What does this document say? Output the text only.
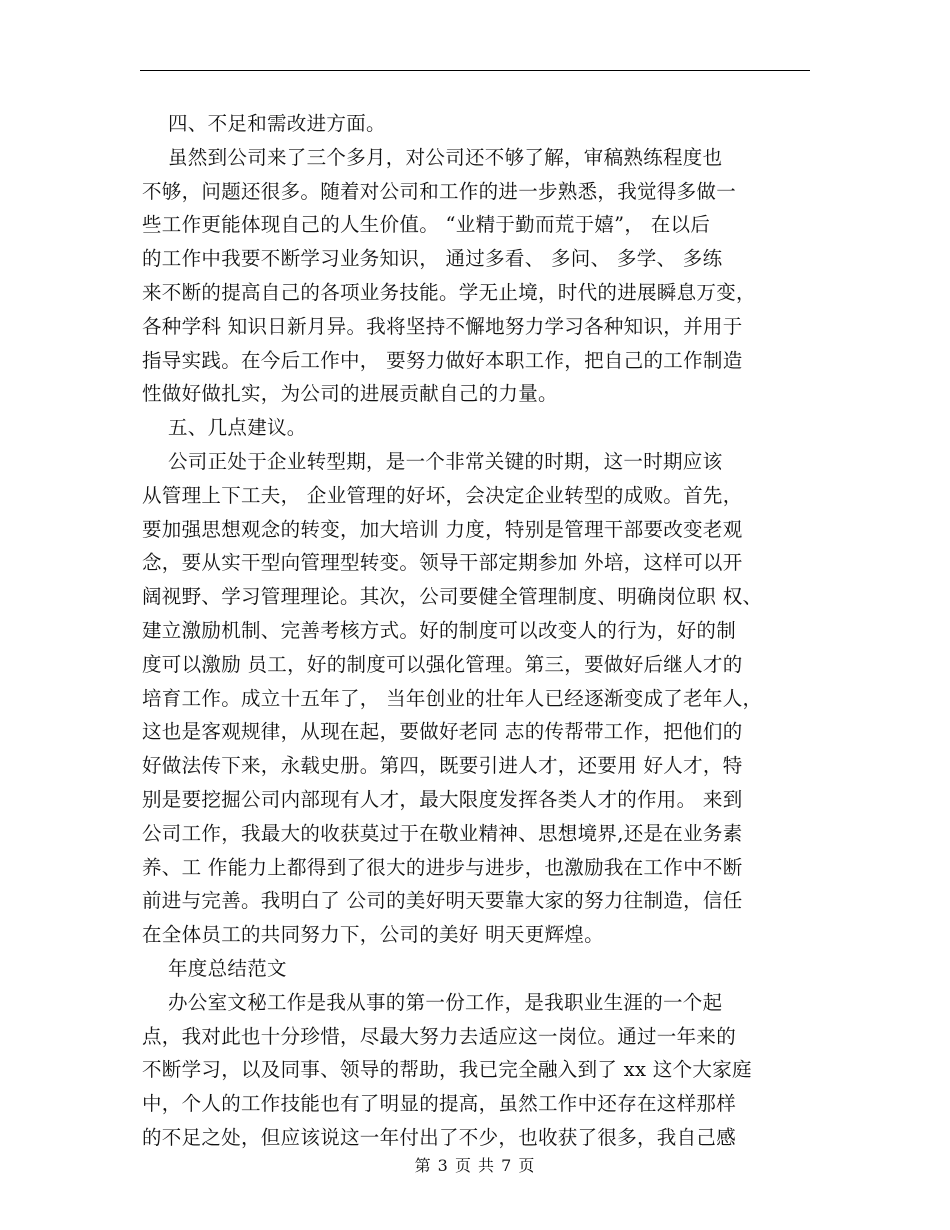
四、不足和需改进方面。
虽然到公司来了三个多月，对公司还不够了解，审稿熟练程度也
不够，问题还很多。随着对公司和工作的进一步熟悉，我觉得多做一
些工作更能体现自己的人生价值。 “业精于勤而荒于嬉”， 在以后
的工作中我要不断学习业务知识， 通过多看、 多问、 多学、 多练
来不断的提高自己的各项业务技能。学无止境，时代的进展瞬息万变，
各种学科 知识日新月异。我将坚持不懈地努力学习各种知识，并用于
指导实践。在今后工作中， 要努力做好本职工作，把自己的工作制造
性做好做扎实，为公司的进展贡献自己的力量。
五、几点建议。
公司正处于企业转型期，是一个非常关键的时期，这一时期应该
从管理上下工夫， 企业管理的好坏，会决定企业转型的成败。首先，
要加强思想观念的转变，加大培训 力度，特别是管理干部要改变老观
念，要从实干型向管理型转变。领导干部定期参加 外培，这样可以开
阔视野、学习管理理论。其次，公司要健全管理制度、明确岗位职 权、
建立激励机制、完善考核方式。好的制度可以改变人的行为，好的制
度可以激励 员工，好的制度可以强化管理。第三，要做好后继人才的
培育工作。成立十五年了， 当年创业的壮年人已经逐渐变成了老年人，
这也是客观规律，从现在起，要做好老同 志的传帮带工作，把他们的
好做法传下来，永载史册。第四，既要引进人才，还要用 好人才，特
别是要挖掘公司内部现有人才，最大限度发挥各类人才的作用。 来到
公司工作，我最大的收获莫过于在敬业精神、思想境界,还是在业务素
养、工 作能力上都得到了很大的进步与进步，也激励我在工作中不断
前进与完善。我明白了 公司的美好明天要靠大家的努力往制造，信任
在全体员工的共同努力下，公司的美好 明天更辉煌。
年度总结范文
办公室文秘工作是我从事的第一份工作，是我职业生涯的一个起
点，我对此也十分珍惜，尽最大努力去适应这一岗位。通过一年来的
不断学习，以及同事、领导的帮助，我已完全融入到了 xx 这个大家庭
中，个人的工作技能也有了明显的提高，虽然工作中还存在这样那样
的不足之处，但应该说这一年付出了不少，也收获了很多，我自己感
第 3 页 共 7 页
